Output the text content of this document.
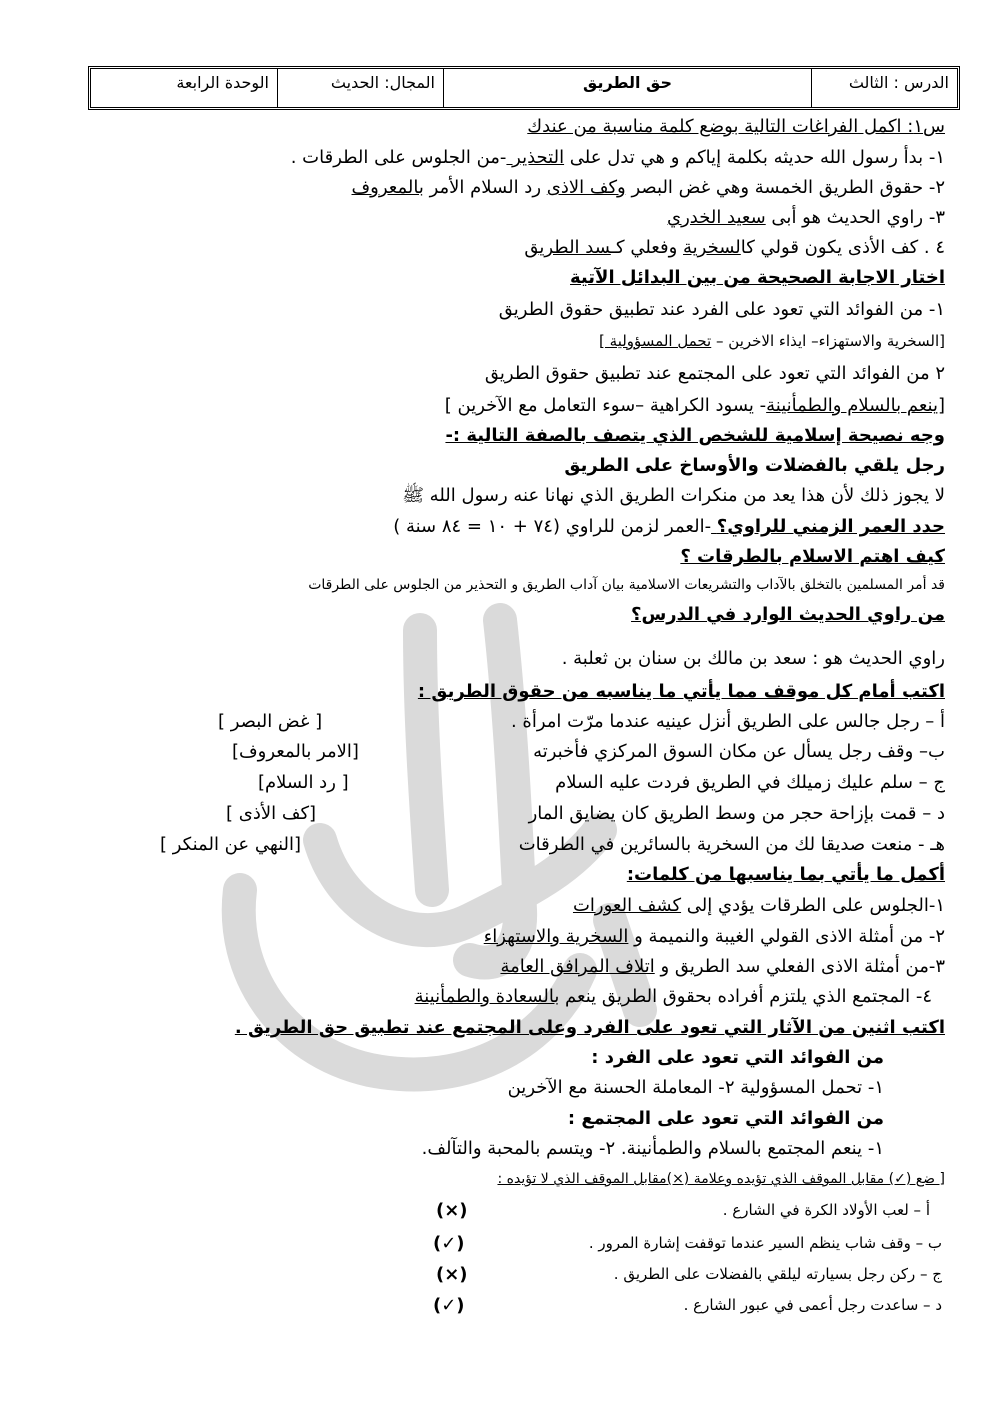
الدرس : الثالث
حق الطريق
المجال: الحديث
الوحدة الرابعة
س١: اكمل الفراغات التالية بوضع كلمة مناسبة من عندك
١- بدأ رسول الله حديثه بكلمة إياكم و هي تدل على التحذير -من الجلوس على الطرقات .
٢- حقوق الطريق الخمسة وهي غض البصر وكف الاذى رد السلام الأمر بالمعروف
٣- راوي الحديث هو أبى سعيد الخدري
٤ . كف الأذى يكون قولي كالسخرية وفعلي كـسد الطريق
اختار الاجابة الصحيحة من بين البدائل الآتية
١- من الفوائد التي تعود على الفرد عند تطبيق حقوق الطريق
[السخرية والاستهزاء– ايذاء الاخرين – تحمل المسؤولية ]
٢ من الفوائد التي تعود على المجتمع عند تطبيق حقوق الطريق
[ينعم بالسلام والطمأنينة- يسود الكراهية –سوء التعامل مع الآخرين ]
وجه نصيحة إسلامية للشخص الذي يتصف بالصفة التالية :-
رجل يلقي بالفضلات والأوساخ على الطريق
لا يجوز ذلك لأن هذا يعد من منكرات الطريق الذي نهانا عنه رسول الله ﷺ
حدد العمر الزمني للراوي؟​ -العمر لزمن للراوي (٧٤ + ١٠ = ٨٤ سنة )
كيف اهتم الاسلام بالطرقات ؟
قد أمر المسلمين بالتخلق بالآداب والتشريعات الاسلامية بيان آداب الطريق و التحذير من الجلوس على الطرقات
من راوي الحديث الوارد في الدرس؟
راوي الحديث هو : سعد بن مالك بن سنان بن ثعلبة .
اكتب أمام كل موقف مما يأتي ما يناسبه من حقوق الطريق :
أ – رجل جالس على الطريق أنزل عينيه عندما مرّت امرأة .
[ غض البصر ]
ب– وقف رجل يسأل عن مكان السوق المركزي فأخبرته
[الامر بالمعروف]
ج – سلم عليك زميلك في الطريق فردت عليه السلام
[ رد السلام]
د – قمت بإزاحة حجر من وسط الطريق كان يضايق المار
[كف الأذى ]
هـ - منعت صديقا لك من السخرية بالسائرين في الطرقات
[النهي عن المنكر ]
أكمل ما يأتي بما يناسبها من كلمات:
١-الجلوس على الطرقات يؤدي إلى كشف العورات
٢- من أمثلة الاذى القولي الغيبة والنميمة و السخرية والاستهزاء
٣-من أمثلة الاذى الفعلي سد الطريق و اتلاف المرافق العامة
٤- المجتمع الذي يلتزم أفراده بحقوق الطريق ينعم بالسعادة والطمأنينة
اكتب اثنين من الآثار التي تعود على الفرد وعلى المجتمع عند تطبيق حق الطريق .
من الفوائد التي تعود على الفرد :
١- تحمل المسؤولية ٢- المعاملة الحسنة مع الآخرين
من الفوائد التي تعود على المجتمع :
١- ينعم المجتمع بالسلام والطمأنينة. ٢- ويتسم بالمحبة والتآلف.
[ ضع (✓) مقابل الموقف الذي تؤيده وعلامة (×)مقابل الموقف الذي لا تؤيده :
أ – لعب الأولاد الكرة في الشارع .
(×)
ب – وقف شاب ينظم السير عندما توقفت إشارة المرور .
(✓)
ج – ركن رجل بسيارته ليلقي بالفضلات على الطريق .
(×)
د – ساعدت رجل أعمى في عبور الشارع .
(✓)
